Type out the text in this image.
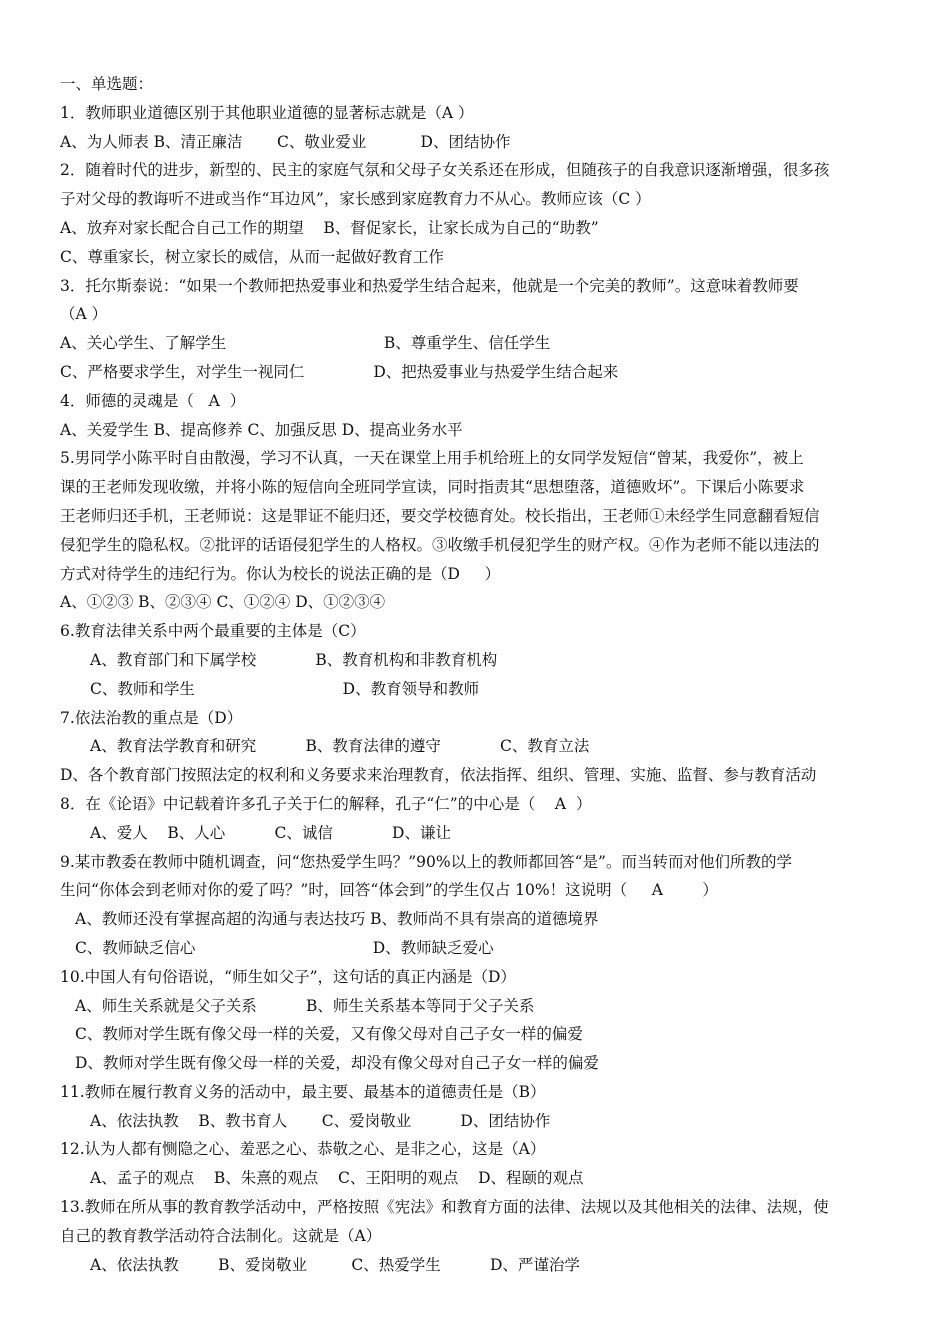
一、单选题：
1．教师职业道德区别于其他职业道德的显著标志就是（A ）
A、为人师表 B、清正廉洁       C、敬业爱业           D、团结协作
2．随着时代的进步，新型的、民主的家庭气氛和父母子女关系还在形成，但随孩子的自我意识逐渐增强，很多孩
子对父母的教诲听不进或当作“耳边风”，家长感到家庭教育力不从心。教师应该（C ）
A、放弃对家长配合自己工作的期望    B、督促家长，让家长成为自己的“助教”
C、尊重家长，树立家长的威信，从而一起做好教育工作
3．托尔斯泰说：“如果一个教师把热爱事业和热爱学生结合起来，他就是一个完美的教师”。这意味着教师要
（A ）
A、关心学生、了解学生                                B、尊重学生、信任学生
C、严格要求学生，对学生一视同仁              D、把热爱事业与热爱学生结合起来
4．师德的灵魂是（   A  ）
A、关爱学生 B、提高修养 C、加强反思 D、提高业务水平
5.男同学小陈平时自由散漫，学习不认真，一天在课堂上用手机给班上的女同学发短信“曾某，我爱你”，被上
课的王老师发现收缴，并将小陈的短信向全班同学宣读，同时指责其“思想堕落，道德败坏”。下课后小陈要求
王老师归还手机，王老师说：这是罪证不能归还，要交学校德育处。校长指出，王老师①未经学生同意翻看短信
侵犯学生的隐私权。②批评的话语侵犯学生的人格权。③收缴手机侵犯学生的财产权。④作为老师不能以违法的
方式对待学生的违纪行为。你认为校长的说法正确的是（D     ）
A、①②③ B、②③④ C、①②④ D、①②③④
6.教育法律关系中两个最重要的主体是（C）
A、教育部门和下属学校            B、教育机构和非教育机构
C、教师和学生                              D、教育领导和教师
7.依法治教的重点是（D）
A、教育法学教育和研究          B、教育法律的遵守            C、教育立法
D、各个教育部门按照法定的权利和义务要求来治理教育，依法指挥、组织、管理、实施、监督、参与教育活动
8．在《论语》中记载着许多孔子关于仁的解释，孔子“仁”的中心是（    A  ）
A、爱人    B、人心          C、诚信            D、谦让
9.某市教委在教师中随机调查，问“您热爱学生吗？”90%以上的教师都回答“是”。而当转而对他们所教的学
生问“你体会到老师对你的爱了吗？”时，回答“体会到”的学生仅占 10%！这说明（     A        ）
A、教师还没有掌握高超的沟通与表达技巧 B、教师尚不具有崇高的道德境界
C、教师缺乏信心                                    D、教师缺乏爱心
10.中国人有句俗语说，“师生如父子”，这句话的真正内涵是（D）
A、师生关系就是父子关系          B、师生关系基本等同于父子关系
C、教师对学生既有像父母一样的关爱，又有像父母对自己子女一样的偏爱
D、教师对学生既有像父母一样的关爱，却没有像父母对自己子女一样的偏爱
11.教师在履行教育义务的活动中，最主要、最基本的道德责任是（B）
A、依法执教    B、教书育人       C、爱岗敬业          D、团结协作
12.认为人都有恻隐之心、羞恶之心、恭敬之心、是非之心，这是（A）
A、孟子的观点    B、朱熹的观点    C、王阳明的观点    D、程颐的观点
13.教师在所从事的教育教学活动中，严格按照《宪法》和教育方面的法律、法规以及其他相关的法律、法规，使
自己的教育教学活动符合法制化。这就是（A）
A、依法执教        B、爱岗敬业         C、热爱学生          D、严谨治学
